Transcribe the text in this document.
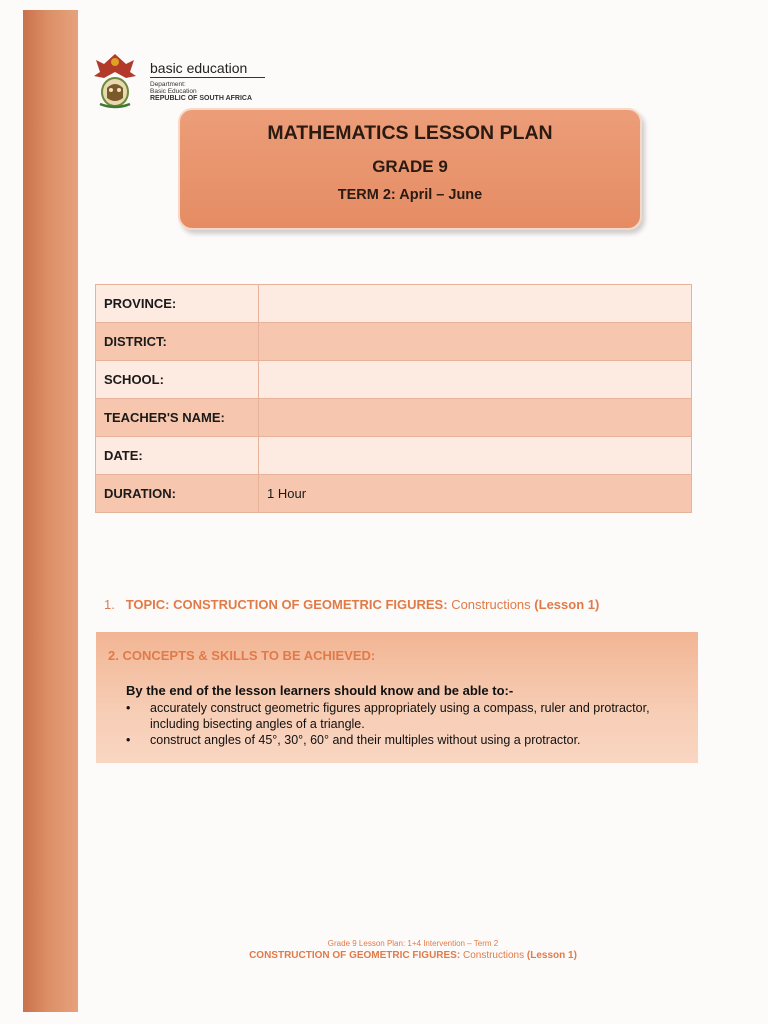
basic education
Department:
Basic Education
REPUBLIC OF SOUTH AFRICA
MATHEMATICS LESSON PLAN
GRADE 9
TERM 2: April – June
PROVINCE:	
DISTRICT:	
SCHOOL:	
TEACHER'S NAME:	
DATE:	
DURATION:	1 Hour
1. TOPIC: CONSTRUCTION OF GEOMETRIC FIGURES: Constructions (Lesson 1)
2. CONCEPTS & SKILLS TO BE ACHIEVED:
By the end of the lesson learners should know and be able to:-
• accurately construct geometric figures appropriately using a compass, ruler and protractor, including bisecting angles of a triangle.
• construct angles of 45°, 30°, 60° and their multiples without using a protractor.
Grade 9 Lesson Plan: 1+4 Intervention – Term 2
CONSTRUCTION OF GEOMETRIC FIGURES: Constructions (Lesson 1)
